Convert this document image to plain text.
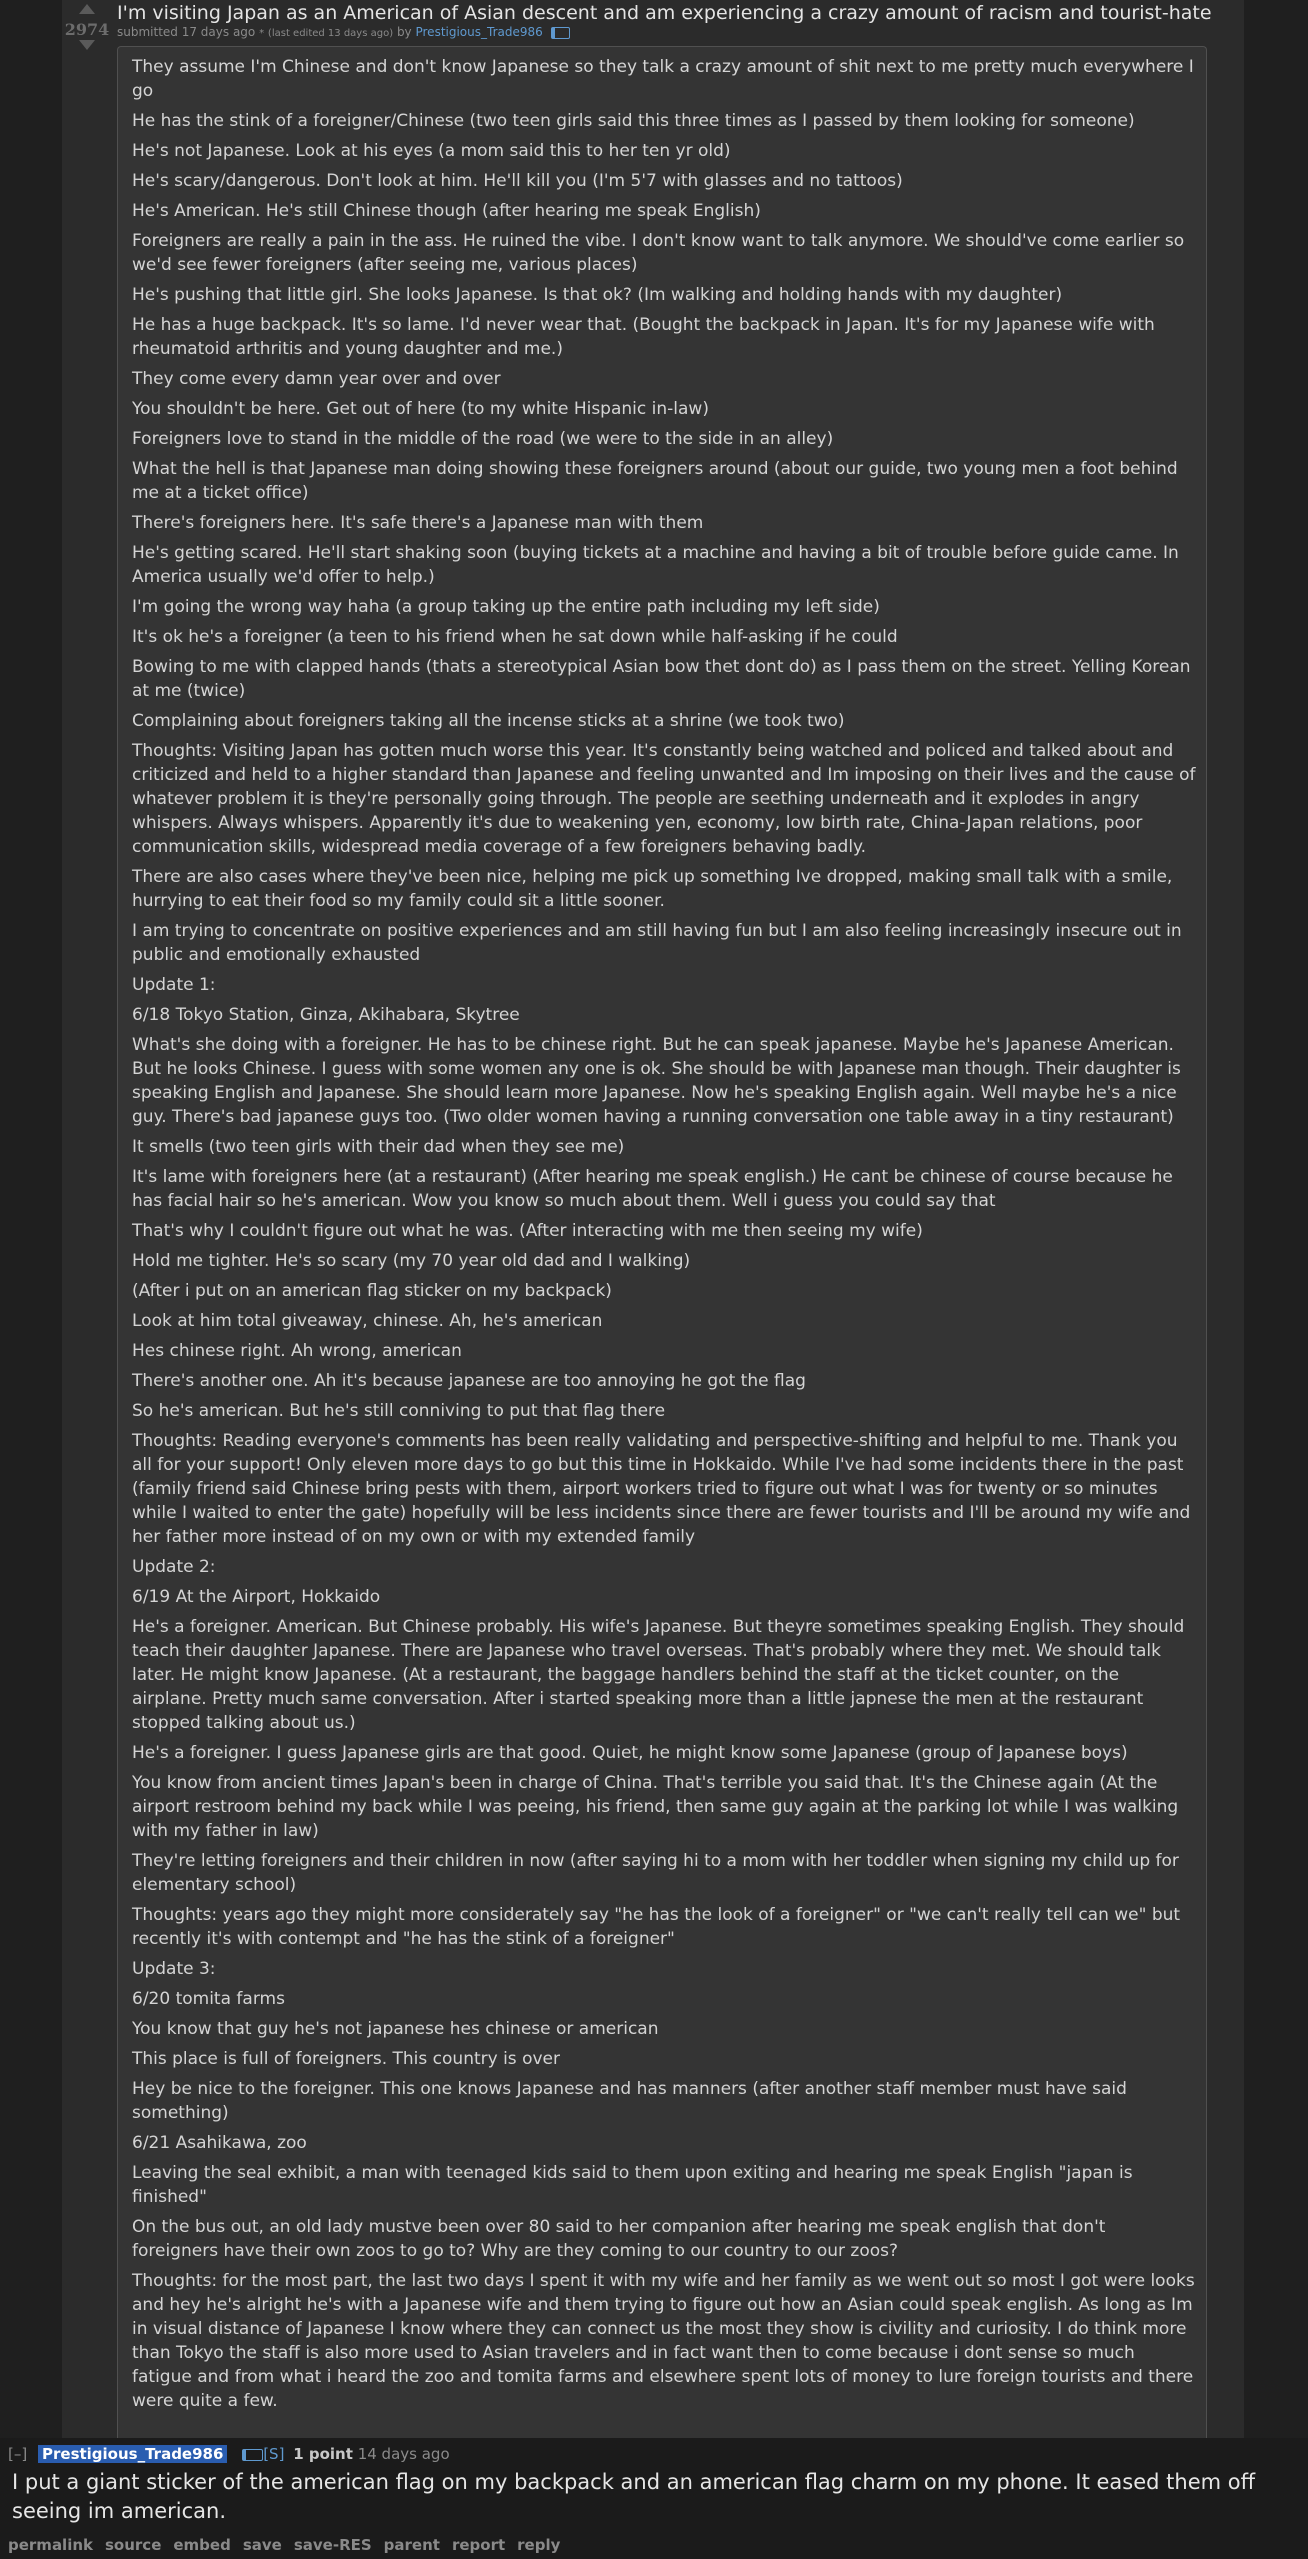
2974
I'm visiting Japan as an American of Asian descent and am experiencing a crazy amount of racism and tourist-hate
submitted 17 days ago * (last edited 13 days ago) by Prestigious_Trade986

They assume I'm Chinese and don't know Japanese so they talk a crazy amount of shit next to me pretty much everywhere I go

He has the stink of a foreigner/Chinese (two teen girls said this three times as I passed by them looking for someone)

He's not Japanese. Look at his eyes (a mom said this to her ten yr old)

He's scary/dangerous. Don't look at him. He'll kill you (I'm 5'7 with glasses and no tattoos)

He's American. He's still Chinese though (after hearing me speak English)

Foreigners are really a pain in the ass. He ruined the vibe. I don't know want to talk anymore. We should've come earlier so we'd see fewer foreigners (after seeing me, various places)

He's pushing that little girl. She looks Japanese. Is that ok? (Im walking and holding hands with my daughter)

He has a huge backpack. It's so lame. I'd never wear that. (Bought the backpack in Japan. It's for my Japanese wife with rheumatoid arthritis and young daughter and me.)

They come every damn year over and over

You shouldn't be here. Get out of here (to my white Hispanic in-law)

Foreigners love to stand in the middle of the road (we were to the side in an alley)

What the hell is that Japanese man doing showing these foreigners around (about our guide, two young men a foot behind me at a ticket office)

There's foreigners here. It's safe there's a Japanese man with them

He's getting scared. He'll start shaking soon (buying tickets at a machine and having a bit of trouble before guide came. In America usually we'd offer to help.)

I'm going the wrong way haha (a group taking up the entire path including my left side)

It's ok he's a foreigner (a teen to his friend when he sat down while half-asking if he could

Bowing to me with clapped hands (thats a stereotypical Asian bow thet dont do) as I pass them on the street. Yelling Korean at me (twice)

Complaining about foreigners taking all the incense sticks at a shrine (we took two)

Thoughts: Visiting Japan has gotten much worse this year. It's constantly being watched and policed and talked about and criticized and held to a higher standard than Japanese and feeling unwanted and Im imposing on their lives and the cause of whatever problem it is they're personally going through. The people are seething underneath and it explodes in angry whispers. Always whispers. Apparently it's due to weakening yen, economy, low birth rate, China-Japan relations, poor communication skills, widespread media coverage of a few foreigners behaving badly.

There are also cases where they've been nice, helping me pick up something Ive dropped, making small talk with a smile, hurrying to eat their food so my family could sit a little sooner.

I am trying to concentrate on positive experiences and am still having fun but I am also feeling increasingly insecure out in public and emotionally exhausted

Update 1:

6/18 Tokyo Station, Ginza, Akihabara, Skytree

What's she doing with a foreigner. He has to be chinese right. But he can speak japanese. Maybe he's Japanese American. But he looks Chinese. I guess with some women any one is ok. She should be with Japanese man though. Their daughter is speaking English and Japanese. She should learn more Japanese. Now he's speaking English again. Well maybe he's a nice guy. There's bad japanese guys too. (Two older women having a running conversation one table away in a tiny restaurant)

It smells (two teen girls with their dad when they see me)

It's lame with foreigners here (at a restaurant) (After hearing me speak english.) He cant be chinese of course because he has facial hair so he's american. Wow you know so much about them. Well i guess you could say that

That's why I couldn't figure out what he was. (After interacting with me then seeing my wife)

Hold me tighter. He's so scary (my 70 year old dad and I walking)

(After i put on an american flag sticker on my backpack)

Look at him total giveaway, chinese. Ah, he's american

Hes chinese right. Ah wrong, american

There's another one. Ah it's because japanese are too annoying he got the flag

So he's american. But he's still conniving to put that flag there

Thoughts: Reading everyone's comments has been really validating and perspective-shifting and helpful to me. Thank you all for your support! Only eleven more days to go but this time in Hokkaido. While I've had some incidents there in the past (family friend said Chinese bring pests with them, airport workers tried to figure out what I was for twenty or so minutes while I waited to enter the gate) hopefully will be less incidents since there are fewer tourists and I'll be around my wife and her father more instead of on my own or with my extended family

Update 2:

6/19 At the Airport, Hokkaido

He's a foreigner. American. But Chinese probably. His wife's Japanese. But theyre sometimes speaking English. They should teach their daughter Japanese. There are Japanese who travel overseas. That's probably where they met. We should talk later. He might know Japanese. (At a restaurant, the baggage handlers behind the staff at the ticket counter, on the airplane. Pretty much same conversation. After i started speaking more than a little japnese the men at the restaurant stopped talking about us.)

He's a foreigner. I guess Japanese girls are that good. Quiet, he might know some Japanese (group of Japanese boys)

You know from ancient times Japan's been in charge of China. That's terrible you said that. It's the Chinese again (At the airport restroom behind my back while I was peeing, his friend, then same guy again at the parking lot while I was walking with my father in law)

They're letting foreigners and their children in now (after saying hi to a mom with her toddler when signing my child up for elementary school)

Thoughts: years ago they might more considerately say "he has the look of a foreigner" or "we can't really tell can we" but recently it's with contempt and "he has the stink of a foreigner"

Update 3:

6/20 tomita farms

You know that guy he's not japanese hes chinese or american

This place is full of foreigners. This country is over

Hey be nice to the foreigner. This one knows Japanese and has manners (after another staff member must have said something)

6/21 Asahikawa, zoo

Leaving the seal exhibit, a man with teenaged kids said to them upon exiting and hearing me speak English "japan is finished"

On the bus out, an old lady mustve been over 80 said to her companion after hearing me speak english that don't foreigners have their own zoos to go to? Why are they coming to our country to our zoos?

Thoughts: for the most part, the last two days I spent it with my wife and her family as we went out so most I got were looks and hey he's alright he's with a Japanese wife and them trying to figure out how an Asian could speak english. As long as Im in visual distance of Japanese I know where they can connect us the most they show is civility and curiosity. I do think more than Tokyo the staff is also more used to Asian travelers and in fact want then to come because i dont sense so much fatigue and from what i heard the zoo and tomita farms and elsewhere spent lots of money to lure foreign tourists and there were quite a few.

[–] Prestigious_Trade986	[S] 1 point 14 days ago
I put a giant sticker of the american flag on my backpack and an american flag charm on my phone. It eased them off seeing im american.
permalink source embed save save-RES parent report reply
